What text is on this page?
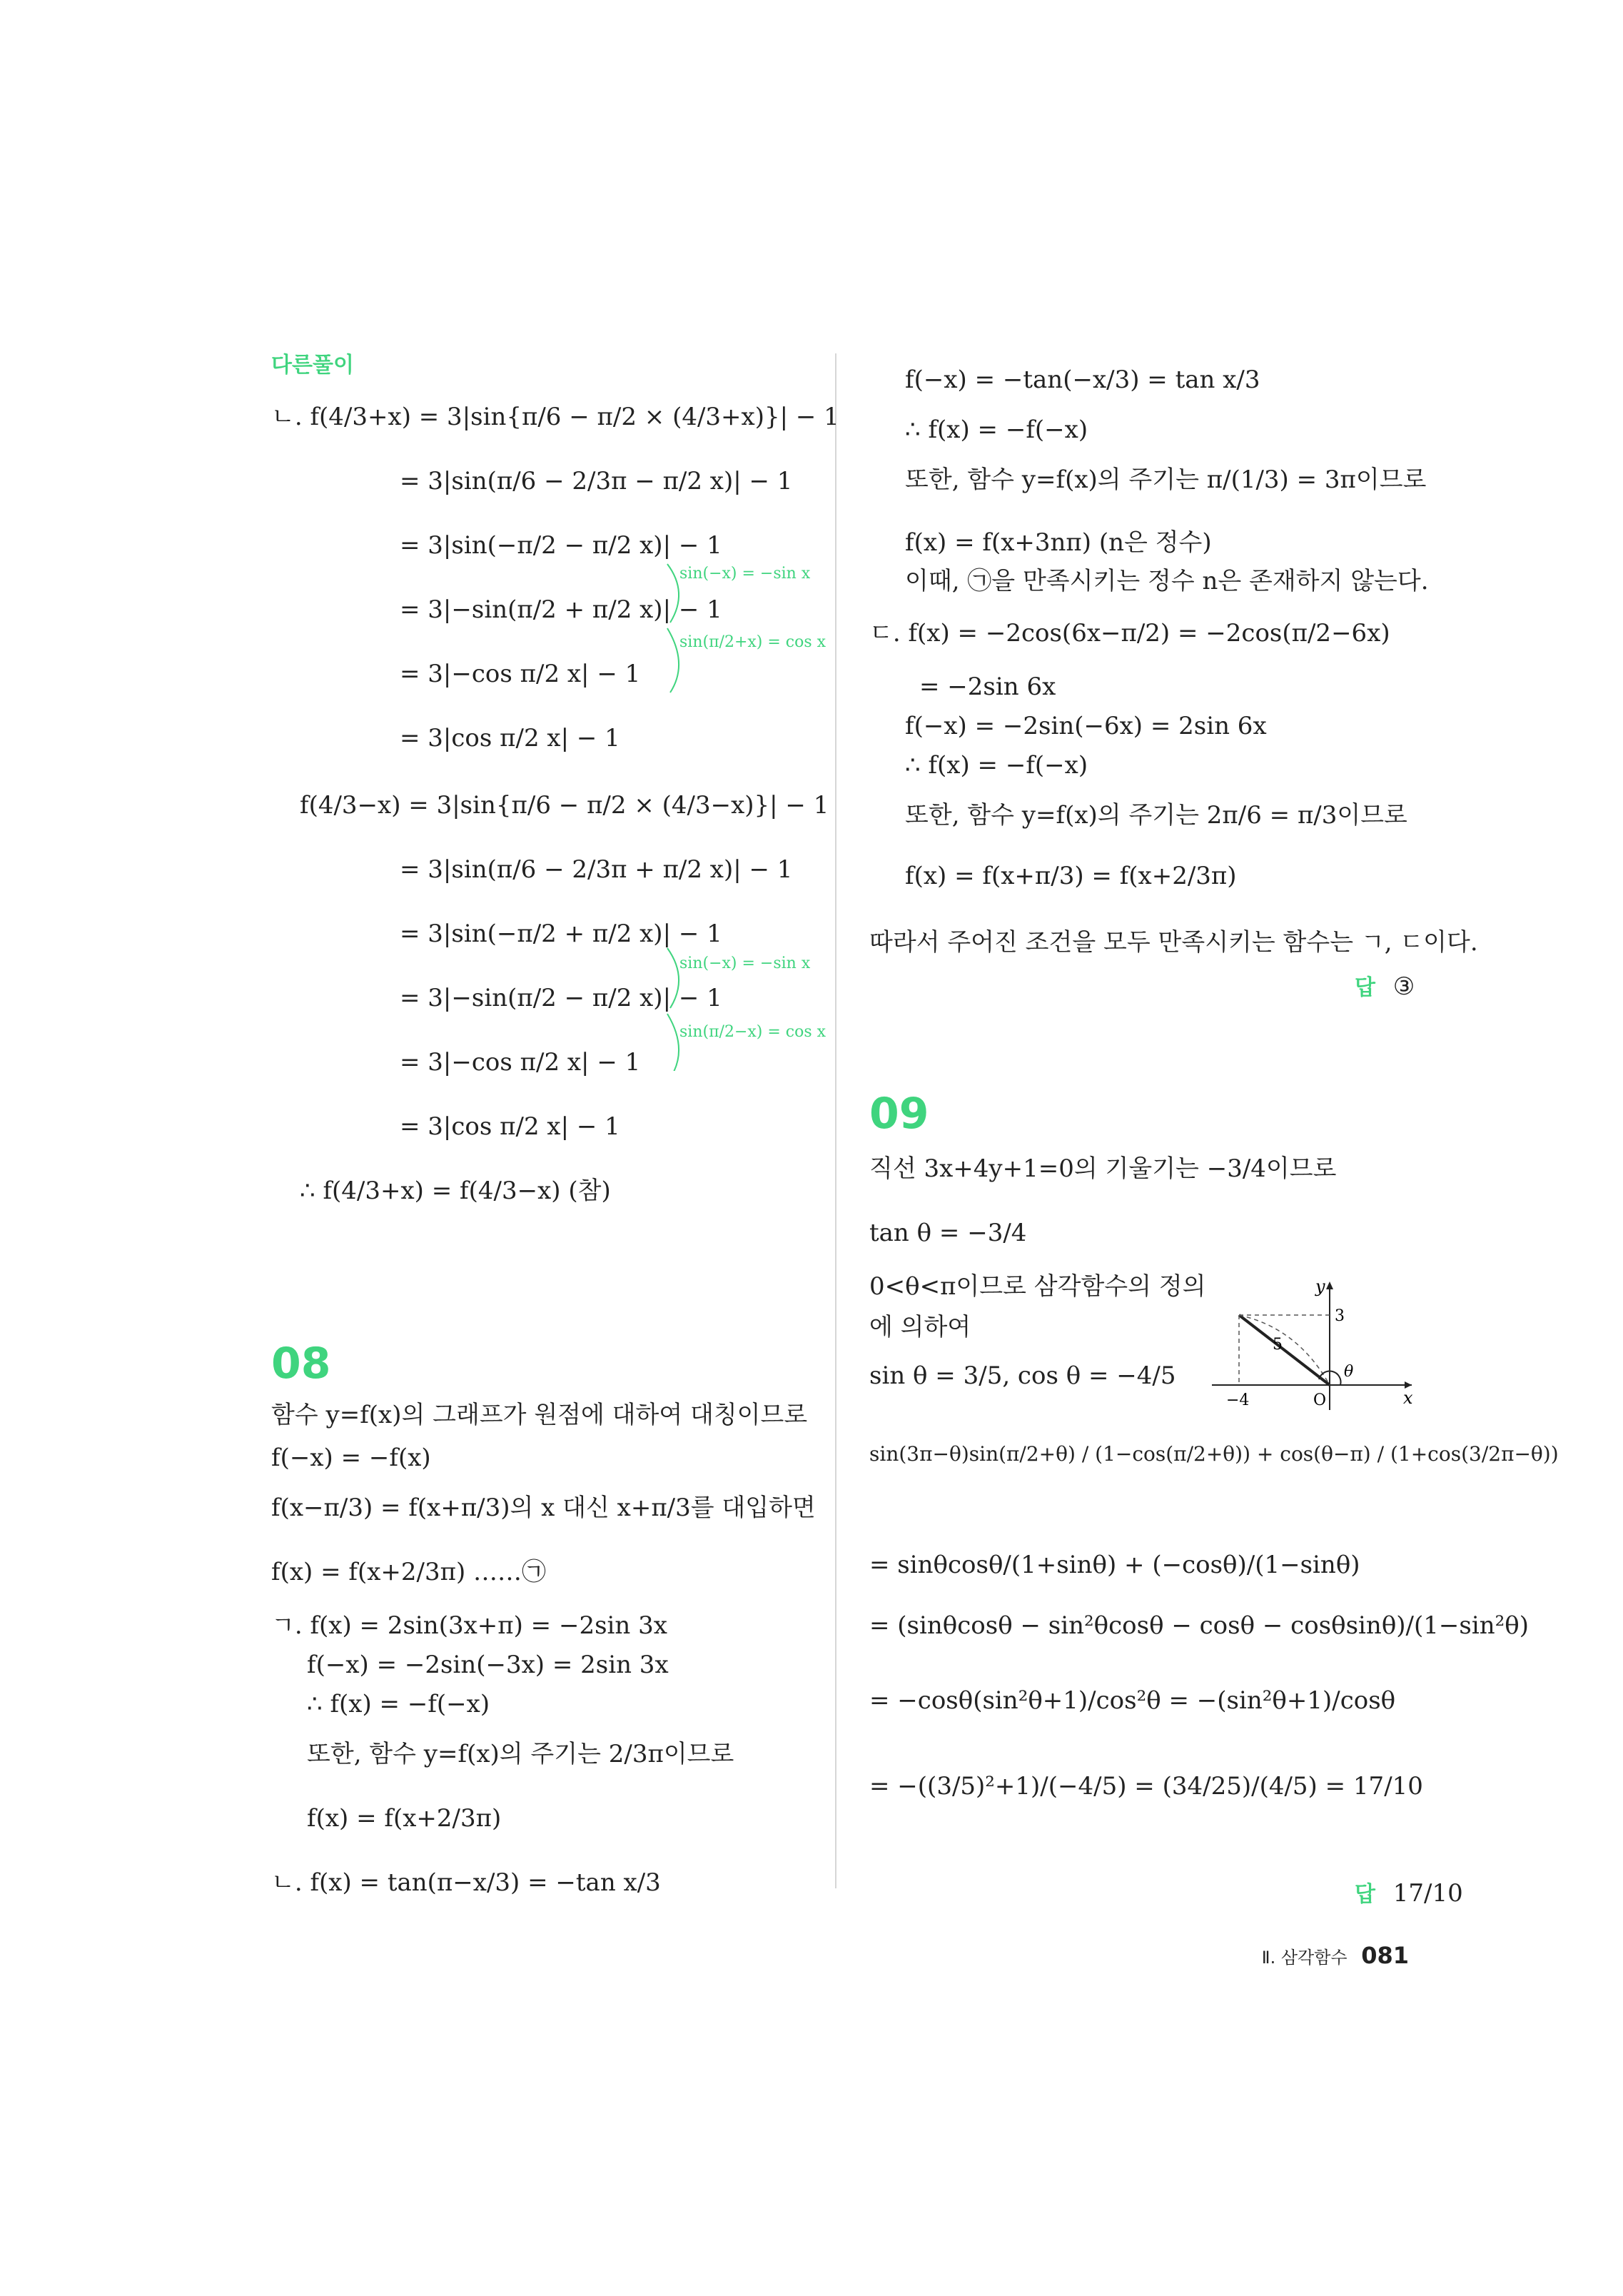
다른풀이
ㄴ. f(4/3+x) = 3|sin{π/6 − π/2 × (4/3+x)}| − 1
= 3|sin(π/6 − 2/3π − π/2 x)| − 1
= 3|sin(−π/2 − π/2 x)| − 1
= 3|−sin(π/2 + π/2 x)| − 1
= 3|−cos π/2 x| − 1
= 3|cos π/2 x| − 1
f(4/3−x) = 3|sin{π/6 − π/2 × (4/3−x)}| − 1
= 3|sin(π/6 − 2/3π + π/2 x)| − 1
= 3|sin(−π/2 + π/2 x)| − 1
= 3|−sin(π/2 − π/2 x)| − 1
= 3|−cos π/2 x| − 1
= 3|cos π/2 x| − 1
∴ f(4/3+x) = f(4/3−x) (참)
sin(−x) = −sin x
sin(π/2+x) = cos x
sin(−x) = −sin x
sin(π/2−x) = cos x
08
함수 y=f(x)의 그래프가 원점에 대하여 대칭이므로
f(−x) = −f(x)
f(x−π/3) = f(x+π/3)의 x 대신 x+π/3를 대입하면
f(x) = f(x+2/3π) ……㉠
ㄱ. f(x) = 2sin(3x+π) = −2sin 3x
f(−x) = −2sin(−3x) = 2sin 3x
∴ f(x) = −f(−x)
또한, 함수 y=f(x)의 주기는 2/3π이므로
f(x) = f(x+2/3π)
ㄴ. f(x) = tan(π−x/3) = −tan x/3
f(−x) = −tan(−x/3) = tan x/3
∴ f(x) = −f(−x)
또한, 함수 y=f(x)의 주기는 π/(1/3) = 3π이므로
f(x) = f(x+3nπ) (n은 정수)
이때, ㉠을 만족시키는 정수 n은 존재하지 않는다.
ㄷ. f(x) = −2cos(6x−π/2) = −2cos(π/2−6x)
= −2sin 6x
f(−x) = −2sin(−6x) = 2sin 6x
∴ f(x) = −f(−x)
또한, 함수 y=f(x)의 주기는 2π/6 = π/3이므로
f(x) = f(x+π/3) = f(x+2/3π)
따라서 주어진 조건을 모두 만족시키는 함수는 ㄱ, ㄷ이다.
답 ③
09
직선 3x+4y+1=0의 기울기는 −3/4이므로
tan θ = −3/4
0<θ<π이므로 삼각함수의 정의
에 의하여
sin θ = 3/5, cos θ = −4/5
sin(3π−θ)sin(π/2+θ) / (1−cos(π/2+θ)) + cos(θ−π) / (1+cos(3/2π−θ))
= sinθcosθ/(1+sinθ) + (−cosθ)/(1−sinθ)
= (sinθcosθ − sin²θcosθ − cosθ − cosθsinθ)/(1−sin²θ)
= −cosθ(sin²θ+1)/cos²θ = −(sin²θ+1)/cosθ
= −((3/5)²+1)/(−4/5) = (34/25)/(4/5) = 17/10
답 17/10
y
x
O
3
−4
5
θ
Ⅱ. 삼각함수 081
